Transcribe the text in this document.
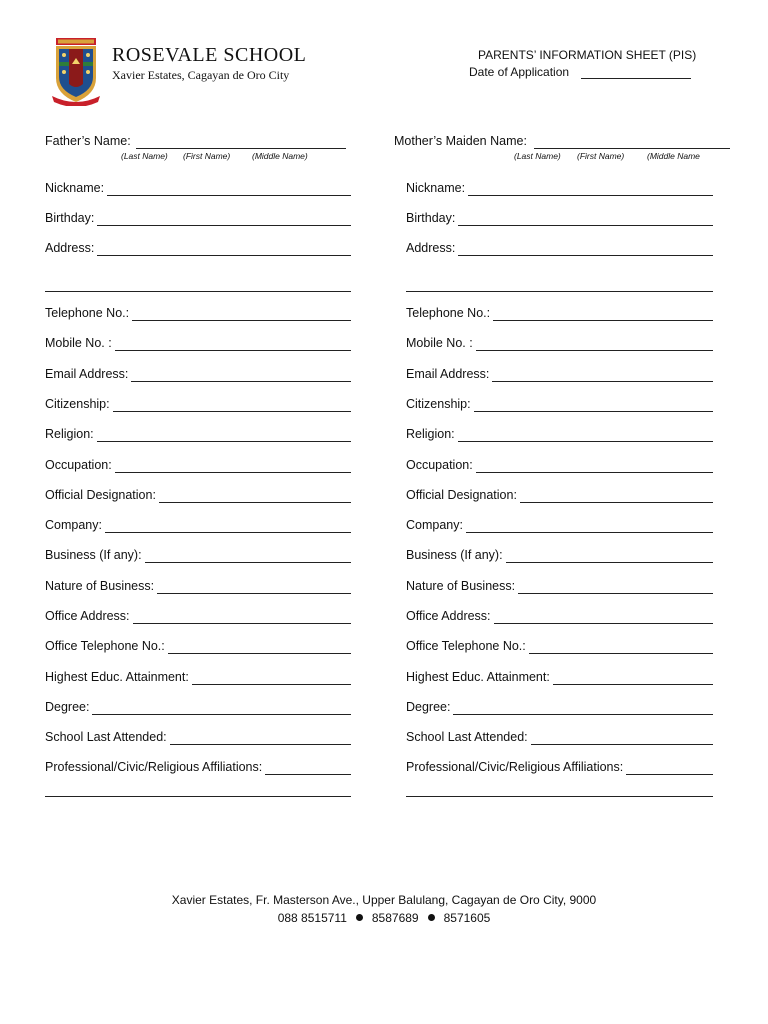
ROSEVALE SCHOOL
Xavier Estates, Cagayan de Oro City
PARENTS’ INFORMATION SHEET (PIS)
Date of Application
Father’s Name:
(Last Name) (First Name)	(Middle Name)
Nickname:
Birthday:
Address:
Telephone No.:
Mobile No. :
Email Address:
Citizenship:
Religion:
Occupation:
Official Designation:
Company:
Business (If any):
Nature of Business:
Office Address:
Office Telephone No.:
Highest Educ. Attainment:
Degree:
School Last Attended:
Professional/Civic/Religious Affiliations:
Mother’s Maiden Name:
(Last Name) (First Name)	(Middle Name
Nickname:
Birthday:
Address:
Telephone No.:
Mobile No. :
Email Address:
Citizenship:
Religion:
Occupation:
Official Designation:
Company:
Business (If any):
Nature of Business:
Office Address:
Office Telephone No.:
Highest Educ. Attainment:
Degree:
School Last Attended:
Professional/Civic/Religious Affiliations:
Xavier Estates, Fr. Masterson Ave., Upper Balulang, Cagayan de Oro City, 9000
088 8515711 8587689 8571605
